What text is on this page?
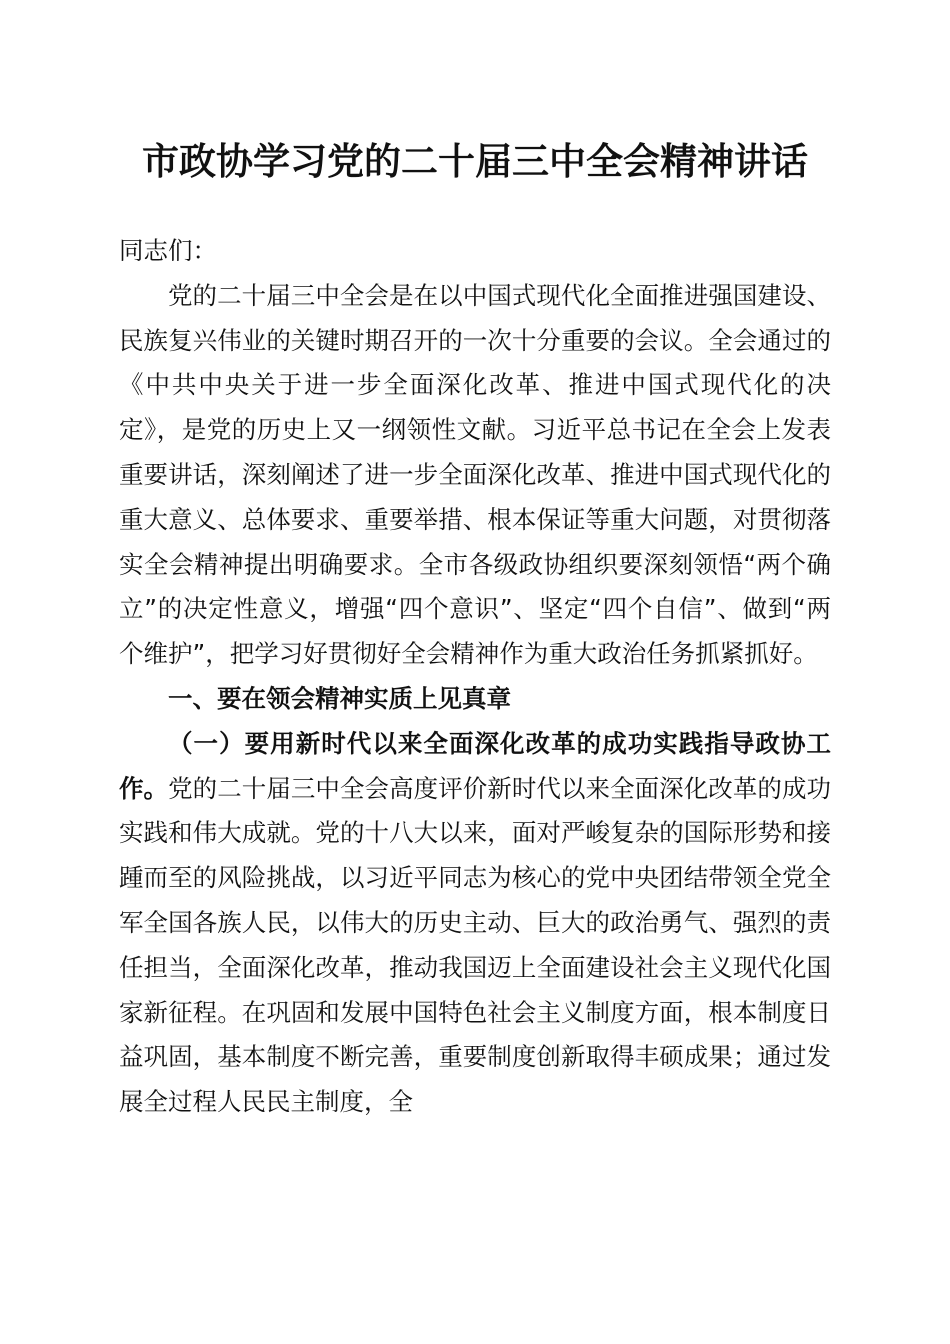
市政协学习党的二十届三中全会精神讲话

同志们：

党的二十届三中全会是在以中国式现代化全面推进强国建设、民族复兴伟业的关键时期召开的一次十分重要的会议。全会通过的《中共中央关于进一步全面深化改革、推进中国式现代化的决定》，是党的历史上又一纲领性文献。习近平总书记在全会上发表重要讲话，深刻阐述了进一步全面深化改革、推进中国式现代化的重大意义、总体要求、重要举措、根本保证等重大问题，对贯彻落实全会精神提出明确要求。全市各级政协组织要深刻领悟“两个确立”的决定性意义，增强“四个意识”、坚定“四个自信”、做到“两个维护”，把学习好贯彻好全会精神作为重大政治任务抓紧抓好。

一、要在领会精神实质上见真章

（一）要用新时代以来全面深化改革的成功实践指导政协工作。党的二十届三中全会高度评价新时代以来全面深化改革的成功实践和伟大成就。党的十八大以来，面对严峻复杂的国际形势和接踵而至的风险挑战，以习近平同志为核心的党中央团结带领全党全军全国各族人民，以伟大的历史主动、巨大的政治勇气、强烈的责任担当，全面深化改革，推动我国迈上全面建设社会主义现代化国家新征程。在巩固和发展中国特色社会主义制度方面，根本制度日益巩固，基本制度不断完善，重要制度创新取得丰硕成果；通过发展全过程人民民主制度，全
